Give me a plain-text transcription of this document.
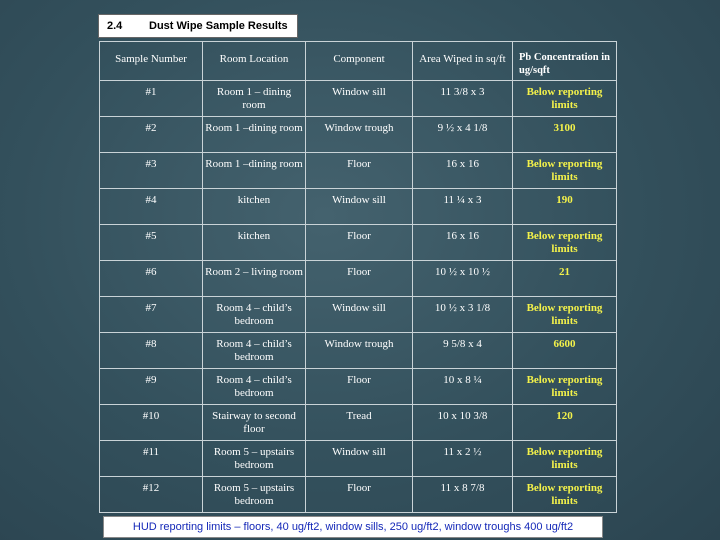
2.4	Dust Wipe Sample Results
Sample Number	Room Location	Component	Area Wiped in sq/ft	Pb Concentration in ug/sqft
#1	Room 1 – dining room	Window sill	11 3/8 x 3	Below reporting limits
#2	Room 1 –dining room	Window trough	9 ½ x 4 1/8	3100
#3	Room 1 –dining room	Floor	16 x 16	Below reporting limits
#4	kitchen	Window sill	11 ¼ x 3	190
#5	kitchen	Floor	16 x 16	Below reporting limits
#6	Room 2 – living room	Floor	10 ½ x 10 ½	21
#7	Room 4 – child’s bedroom	Window sill	10 ½ x 3 1/8	Below reporting limits
#8	Room 4 – child’s bedroom	Window trough	9 5/8 x 4	6600
#9	Room 4 – child’s bedroom	Floor	10 x 8 ¼	Below reporting limits
#10	Stairway to second floor	Tread	10 x 10 3/8	120
#11	Room 5 – upstairs bedroom	Window sill	11 x 2 ½	Below reporting limits
#12	Room 5 – upstairs bedroom	Floor	11 x 8 7/8	Below reporting limits
HUD reporting limits – floors, 40 ug/ft2, window sills, 250 ug/ft2, window troughs 400 ug/ft2
